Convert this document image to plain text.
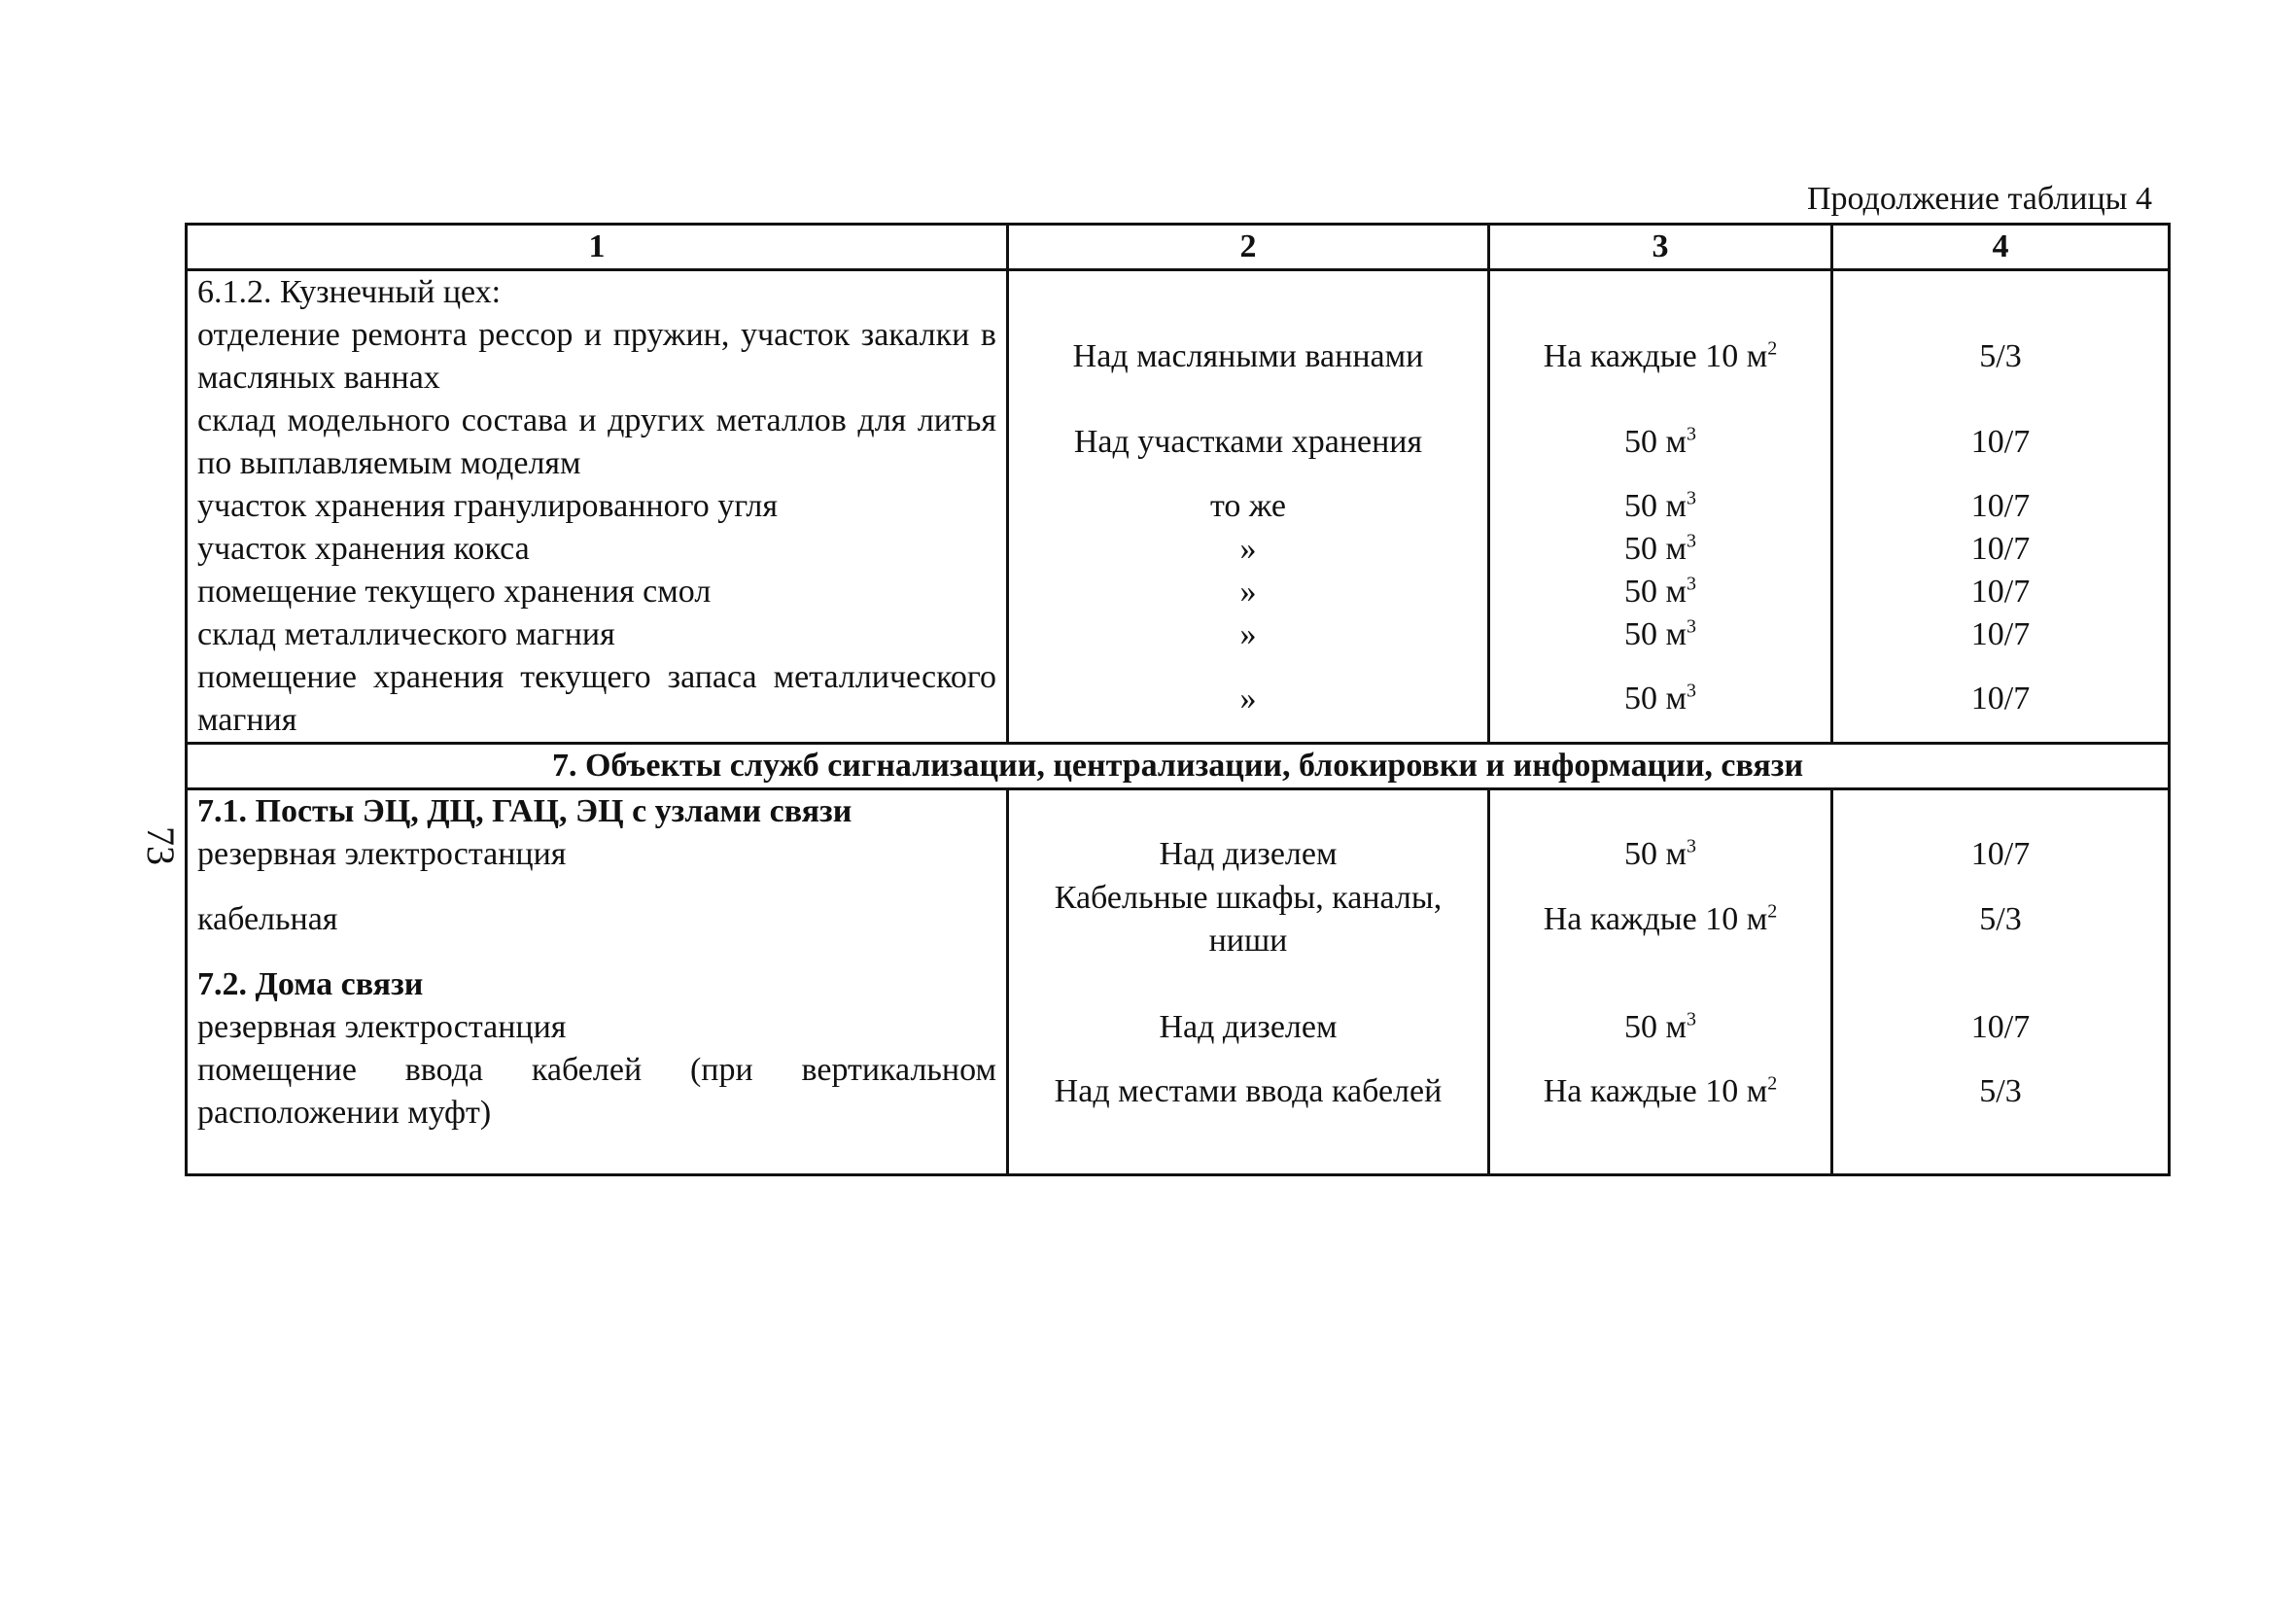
Продолжение таблицы 4
73
1	2	3	4
6.1.2. Кузнечный цех:			
отделение ремонта рессор и пружин, участок закалки в масляных ваннах	Над масляными ваннами	На каждые 10 $м^2$	5/3
склад модельного состава и других металлов для литья по выплавляемым моделям	Над участками хранения	50 $м^3$	10/7
участок хранения гранулированного угля	то же	50 $м^3$	10/7
участок хранения кокса	»	50 $м^3$	10/7
помещение текущего хранения смол	»	50 $м^3$	10/7
склад металлического магния	»	50 $м^3$	10/7
помещение хранения текущего запаса металлического магния	»	50 $м^3$	10/7
7. Объекты служб сигнализации, централизации, блокировки и информации, связи			
7.1. Посты ЭЦ, ДЦ, ГАЦ, ЭЦ с узлами связи			
резервная электростанция	Над дизелем	50 $м^3$	10/7
кабельная	Кабельные шкафы, каналы, ниши	На каждые 10 $м^2$	5/3
7.2. Дома связи			
резервная электростанция	Над дизелем	50 $м^3$	10/7
помещение ввода кабелей (при вертикальном расположении муфт)	Над местами ввода кабелей	На каждые 10 $м^2$	5/3
